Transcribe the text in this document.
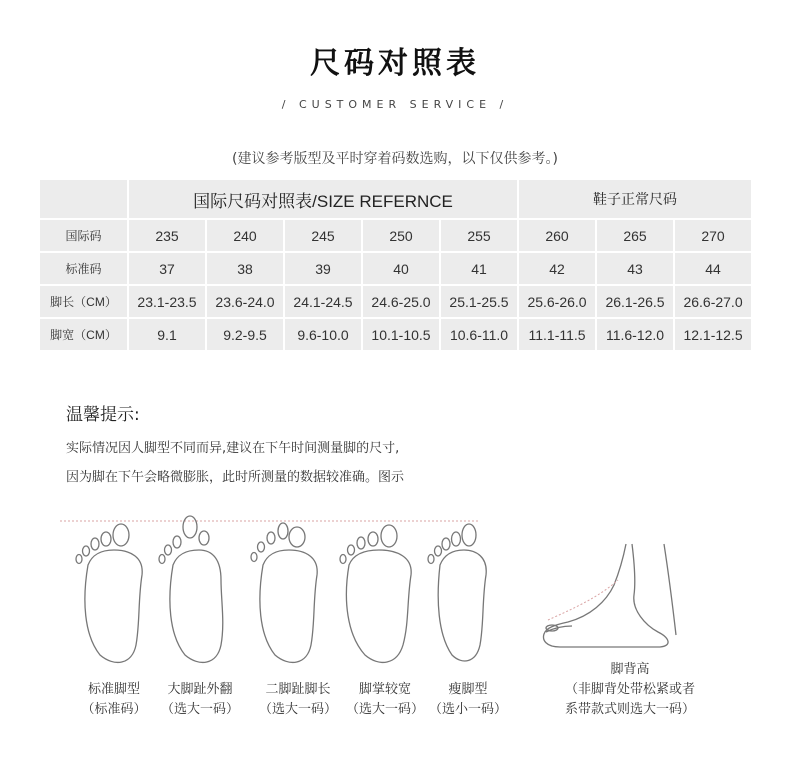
尺码对照表
/ CUSTOMER SERVICE /
(建议参考版型及平时穿着码数选购，以下仅供参考。)
	国际尺码对照表/SIZE REFERNCE					鞋子正常尺码		
国际码	235	240	245	250	255	260	265	270
标准码	37	38	39	40	41	42	43	44
脚长（CM）	23.1-23.5	23.6-24.0	24.1-24.5	24.6-25.0	25.1-25.5	25.6-26.0	26.1-26.5	26.6-27.0
脚宽（CM）	9.1	9.2-9.5	9.6-10.0	10.1-10.5	10.6-11.0	11.1-11.5	11.6-12.0	12.1-12.5
温馨提示:
实际情况因人脚型不同而异,建议在下午时间测量脚的尺寸,
因为脚在下午会略微膨胀，此时所测量的数据较准确。图示
标准脚型
（标准码）
大脚趾外翻
（选大一码）
二脚趾脚长
（选大一码）
脚掌较宽
（选大一码）
瘦脚型
（选小一码）
脚背高
（非脚背处带松紧或者
系带款式则选大一码）
